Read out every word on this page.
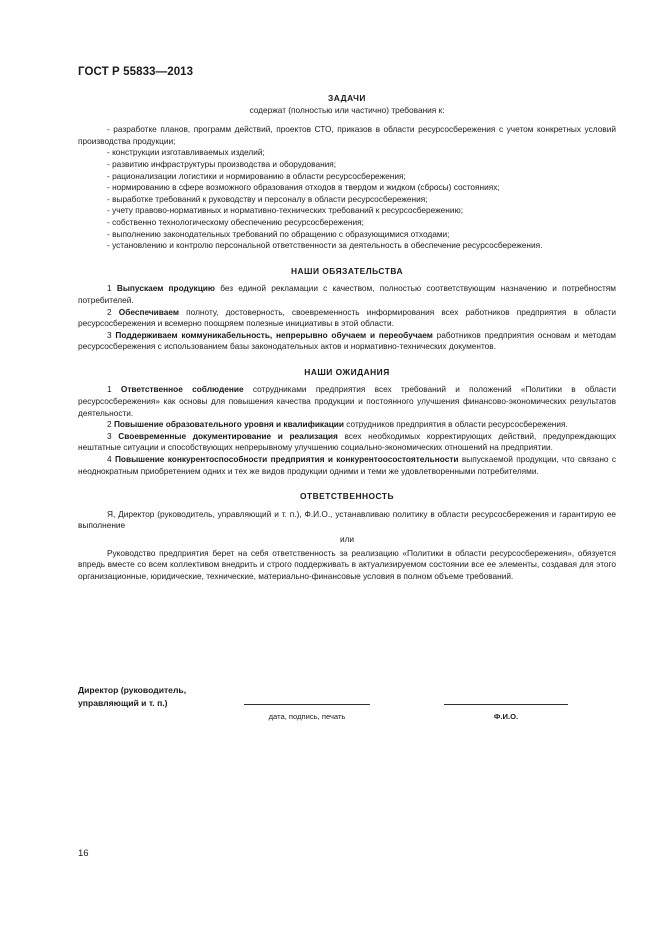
ГОСТ Р 55833—2013
ЗАДАЧИ
содержат (полностью или частично) требования к:
- разработке планов, программ действий, проектов СТО, приказов в области ресурсосбережения с учетом конкретных условий производства продукции;
- конструкции изготавливаемых изделий;
- развитию инфраструктуры производства и оборудования;
- рационализации логистики и нормированию в области ресурсосбережения;
- нормированию в сфере возможного образования отходов в твердом и жидком (сбросы) состояниях;
- выработке требований к руководству и персоналу в области ресурсосбережения;
- учету правово-нормативных и нормативно-технических требований к ресурсосбережению;
- собственно технологическому обеспечению ресурсосбережения;
- выполнению законодательных требований по обращению с образующимися отходами;
- установлению и контролю персональной ответственности за деятельность в обеспечение ресурсосбережения.
НАШИ ОБЯЗАТЕЛЬСТВА

1 Выпускаем продукцию без единой рекламации с качеством, полностью соответствующим назначению и потребностям потребителей.

2 Обеспечиваем полноту, достоверность, своевременность информирования всех работников предприятия в области ресурсосбережения и всемерно поощряем полезные инициативы в этой области.

3 Поддерживаем коммуникабельность, непрерывно обучаем и переобучаем работников предприятия основам и методам ресурсосбережения с использованием базы законодательных актов и нормативно-технических документов.

НАШИ ОЖИДАНИЯ

1 Ответственное соблюдение сотрудниками предприятия всех требований и положений «Политики в области ресурсосбережения» как основы для повышения качества продукции и постоянного улучшения финансово-экономических результатов деятельности.

2 Повышение образовательного уровня и квалификации сотрудников предприятия в области ресурсосбережения.

3 Своевременные документирование и реализация всех необходимых корректирующих действий, предупреждающих нештатные ситуации и способствующих непрерывному улучшению социально-экономических отношений на предприятии.

4 Повышение конкурентоспособности предприятия и конкурентоосостоятельности выпускаемой продукции, что связано с неоднократным приобретением одних и тех же видов продукции одними и теми же удовлетворенными потребителями.

ОТВЕТСТВЕННОСТЬ

Я, Директор (руководитель, управляющий и т. п.), Ф.И.О., устанавливаю политику в области ресурсосбережения и гарантирую ее выполнение

или

Руководство предприятия берет на себя ответственность за реализацию «Политики в области ресурсосбережения», обязуется впредь вместе со всем коллективом внедрить и строго поддерживать в актуализируемом состоянии все ее элементы, создавая для этого организационные, юридические, технические, материально-финансовые условия в полном объеме требований.

Директор (руководитель,
управляющий и т. п.)
дата, подпись, печать	Ф.И.О.
16
